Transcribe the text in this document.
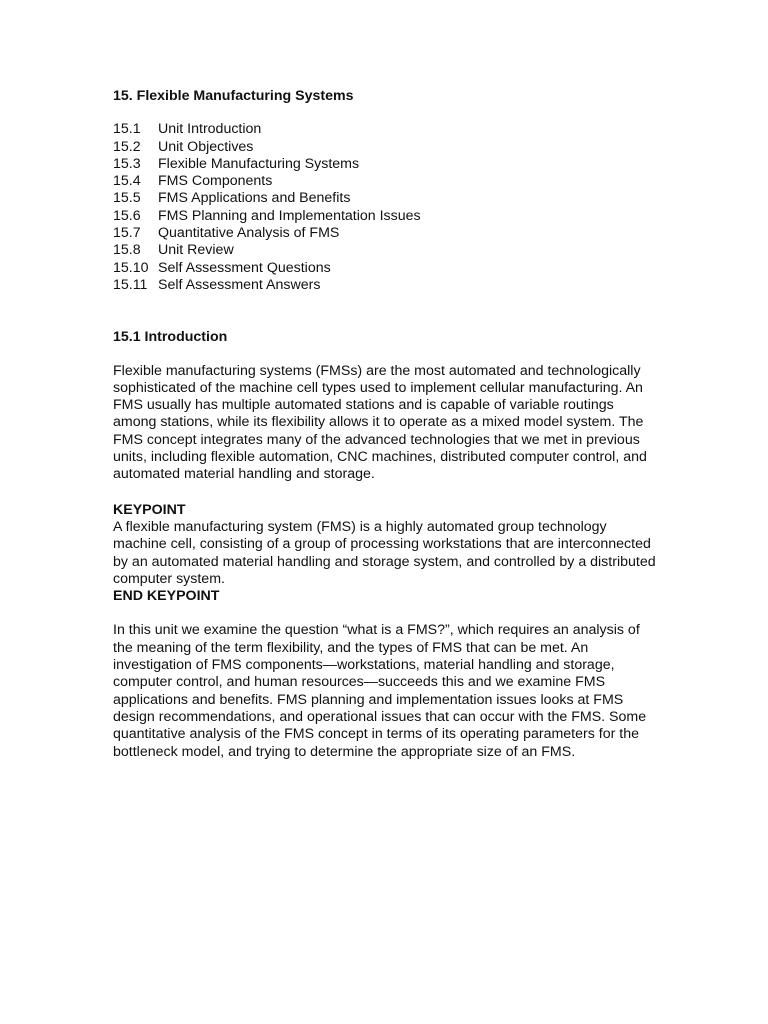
15. Flexible Manufacturing Systems
15.1	Unit Introduction
15.2	Unit Objectives
15.3	Flexible Manufacturing Systems
15.4	FMS Components
15.5	FMS Applications and Benefits
15.6	FMS Planning and Implementation Issues
15.7	Quantitative Analysis of FMS
15.8	Unit Review
15.10 Self Assessment Questions
15.11 Self Assessment Answers
15.1 Introduction

Flexible manufacturing systems (FMSs) are the most automated and technologically sophisticated of the machine cell types used to implement cellular manufacturing. An FMS usually has multiple automated stations and is capable of variable routings among stations, while its flexibility allows it to operate as a mixed model system. The FMS concept integrates many of the advanced technologies that we met in previous units, including flexible automation, CNC machines, distributed computer control, and automated material handling and storage.

KEYPOINT

A flexible manufacturing system (FMS) is a highly automated group technology machine cell, consisting of a group of processing workstations that are interconnected by an automated material handling and storage system, and controlled by a distributed computer system.

END KEYPOINT

In this unit we examine the question “what is a FMS?”, which requires an analysis of the meaning of the term flexibility, and the types of FMS that can be met. An investigation of FMS components—workstations, material handling and storage, computer control, and human resources—succeeds this and we examine FMS applications and benefits. FMS planning and implementation issues looks at FMS design recommendations, and operational issues that can occur with the FMS. Some quantitative analysis of the FMS concept in terms of its operating parameters for the bottleneck model, and trying to determine the appropriate size of an FMS.
